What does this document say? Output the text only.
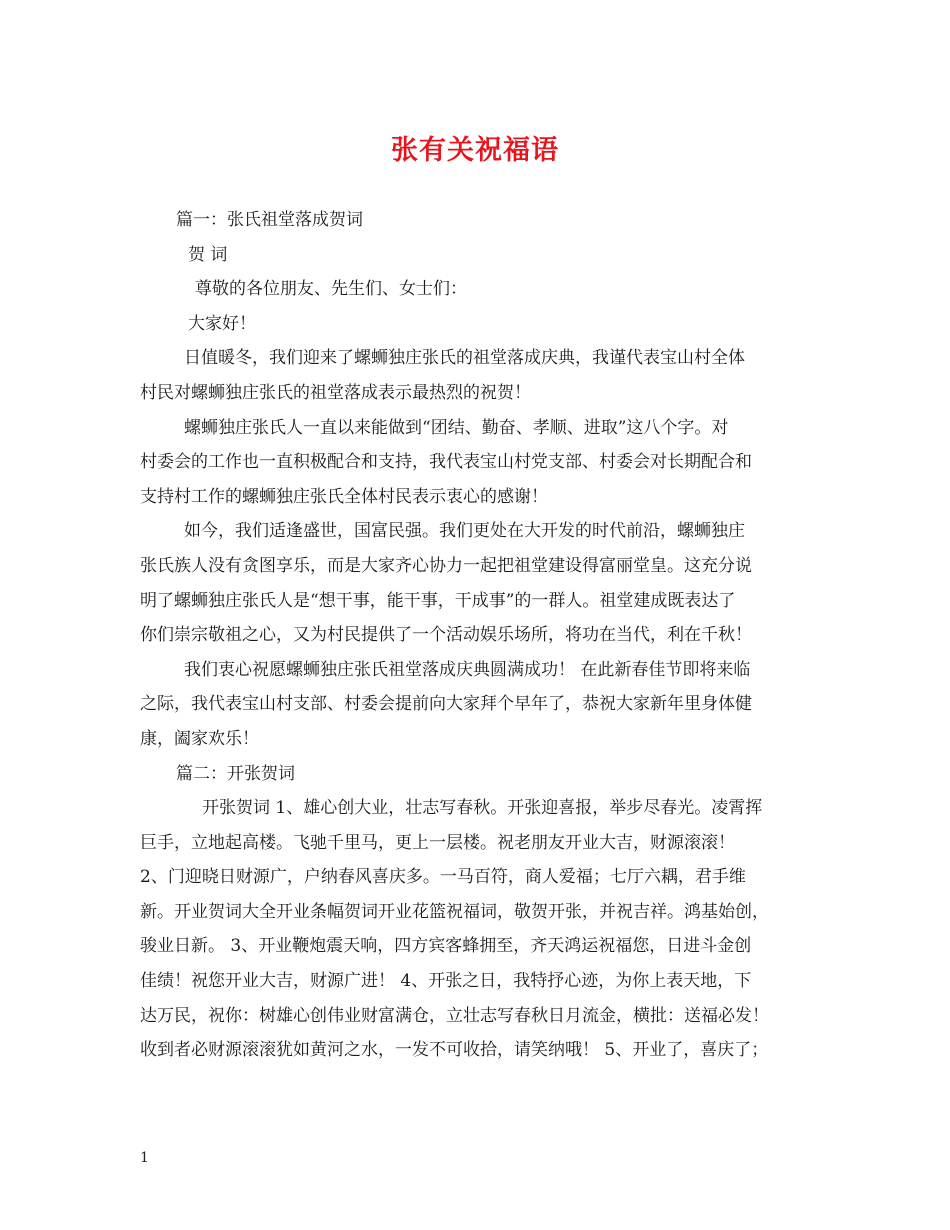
张有关祝福语
篇一：张氏祖堂落成贺词
贺 词
尊敬的各位朋友、先生们、女士们：
大家好！
日值暖冬，我们迎来了螺蛳独庄张氏的祖堂落成庆典，我谨代表宝山村全体
村民对螺蛳独庄张氏的祖堂落成表示最热烈的祝贺！
螺蛳独庄张氏人一直以来能做到“团结、勤奋、孝顺、进取”这八个字。对
村委会的工作也一直积极配合和支持，我代表宝山村党支部、村委会对长期配合和
支持村工作的螺蛳独庄张氏全体村民表示衷心的感谢！
如今，我们适逢盛世，国富民强。我们更处在大开发的时代前沿，螺蛳独庄
张氏族人没有贪图享乐，而是大家齐心协力一起把祖堂建设得富丽堂皇。这充分说
明了螺蛳独庄张氏人是“想干事，能干事，干成事”的一群人。祖堂建成既表达了
你们崇宗敬祖之心，又为村民提供了一个活动娱乐场所，将功在当代，利在千秋！
我们衷心祝愿螺蛳独庄张氏祖堂落成庆典圆满成功！ 在此新春佳节即将来临
之际，我代表宝山村支部、村委会提前向大家拜个早年了，恭祝大家新年里身体健
康，阖家欢乐！
篇二：开张贺词
开张贺词 1、雄心创大业，壮志写春秋。开张迎喜报，举步尽春光。凌霄挥
巨手，立地起高楼。飞驰千里马，更上一层楼。祝老朋友开业大吉，财源滚滚！
2、门迎晓日财源广，户纳春风喜庆多。一马百符，商人爱福；七厅六耦，君手维
新。开业贺词大全开业条幅贺词开业花篮祝福词，敬贺开张，并祝吉祥。鸿基始创，
骏业日新。 3、开业鞭炮震天响，四方宾客蜂拥至，齐天鸿运祝福您，日进斗金创
佳绩！祝您开业大吉，财源广进！ 4、开张之日，我特抒心迹，为你上表天地，下
达万民，祝你：树雄心创伟业财富满仓，立壮志写春秋日月流金，横批：送福必发！
收到者必财源滚滚犹如黄河之水，一发不可收拾，请笑纳哦！ 5、开业了，喜庆了；
1
